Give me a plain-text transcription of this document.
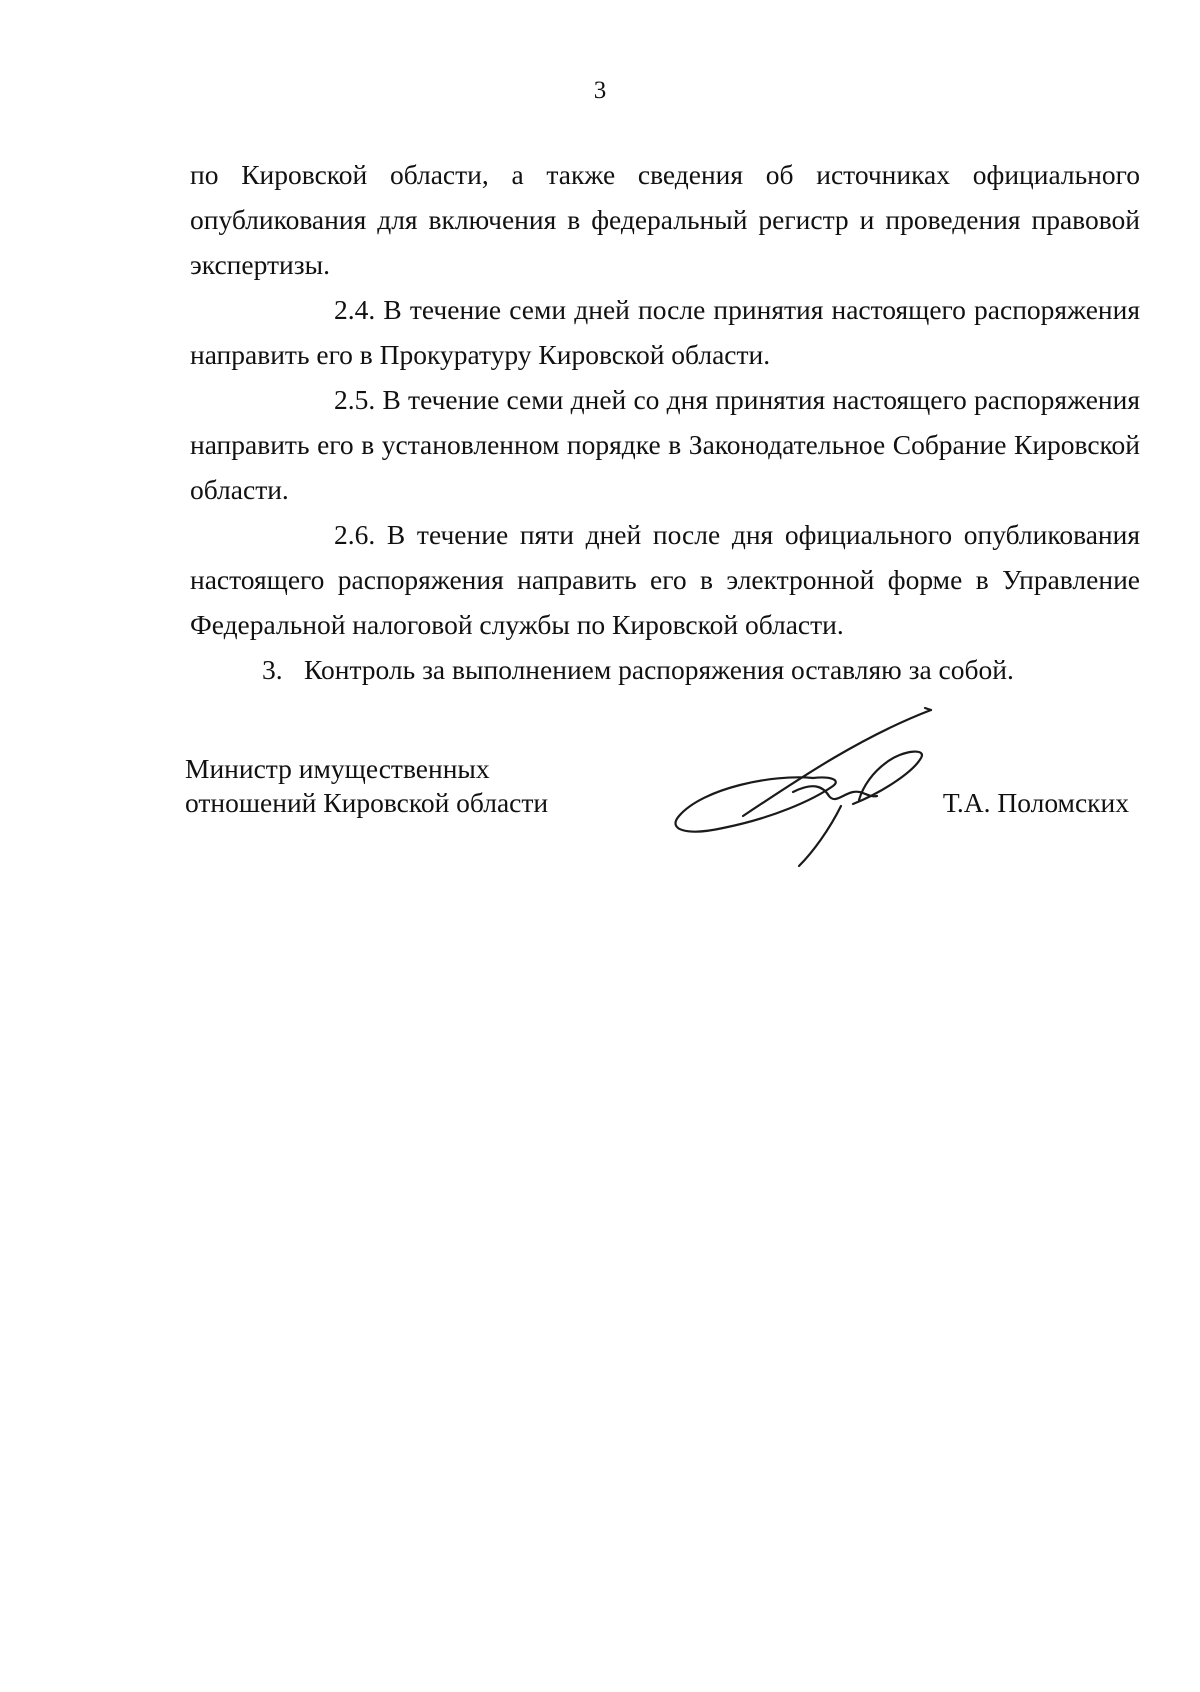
3

по Кировской области, а также сведения об источниках официального опубликования для включения в федеральный регистр и проведения правовой экспертизы.

2.4. В течение семи дней после принятия настоящего распоряжения направить его в Прокуратуру Кировской области.

2.5. В течение семи дней со дня принятия настоящего распоряжения направить его в установленном порядке в Законодательное Собрание Кировской области.

2.6. В течение пяти дней после дня официального опубликования настоящего распоряжения направить его в электронной форме в Управление Федеральной налоговой службы по Кировской области.

3. Контроль за выполнением распоряжения оставляю за собой.

Министр имущественных
отношений Кировской области	Т.А. Поломских
